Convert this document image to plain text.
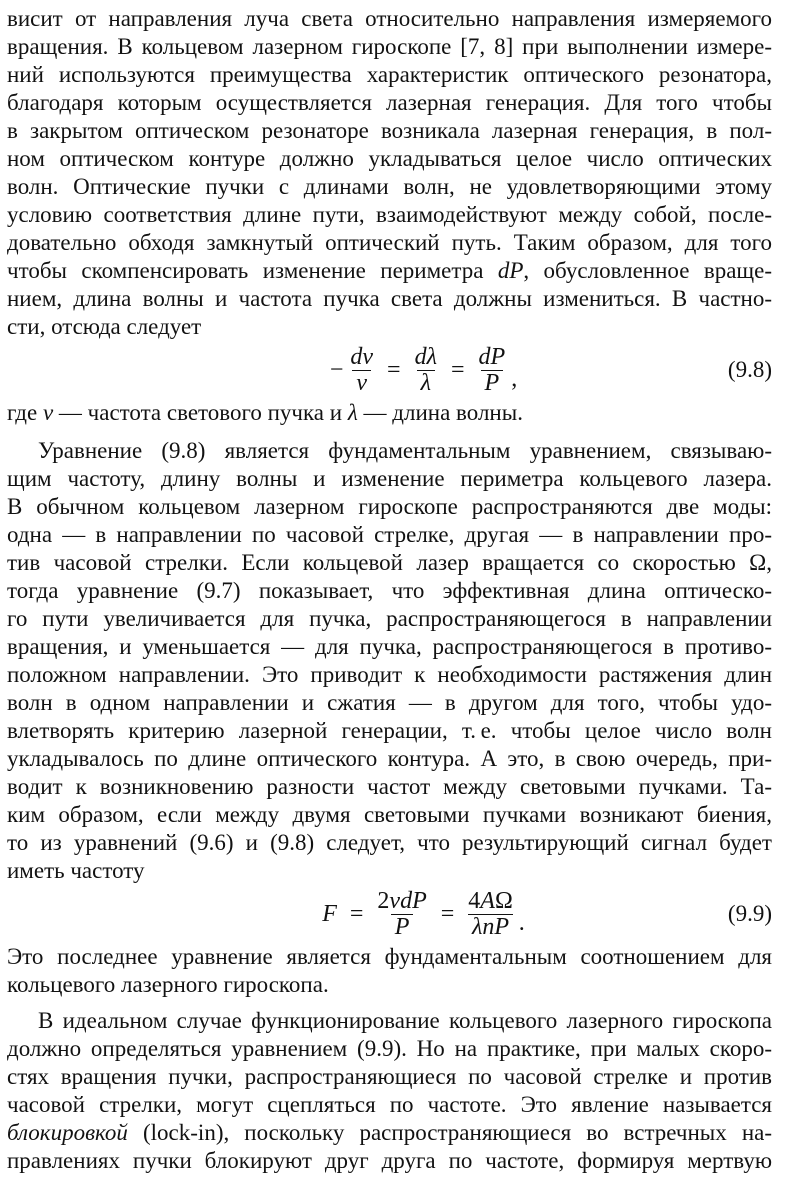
висит от направления луча света относительно направления измеряемого
вращения. В кольцевом лазерном гироскопе [7, 8] при выполнении измере-
ний используются преимущества характеристик оптического резонатора,
благодаря которым осуществляется лазерная генерация. Для того чтобы
в закрытом оптическом резонаторе возникала лазерная генерация, в пол-
ном оптическом контуре должно укладываться целое число оптических
волн. Оптические пучки с длинами волн, не удовлетворяющими этому
условию соответствия длине пути, взаимодействуют между собой, после-
довательно обходя замкнутый оптический путь. Таким образом, для того
чтобы скомпенсировать изменение периметра dP, обусловленное враще-
нием, длина волны и частота пучка света должны измениться. В частно-
сти, отсюда следует
− $\frac{d\nu}{\nu} = \frac{d\lambda}{\lambda} = \frac{dP}{P}$ ,	(9.8)
где ν — частота светового пучка и λ — длина волны.
Уравнение (9.8) является фундаментальным уравнением, связываю-
щим частоту, длину волны и изменение периметра кольцевого лазера.
В обычном кольцевом лазерном гироскопе распространяются две моды:
одна — в направлении по часовой стрелке, другая — в направлении про-
тив часовой стрелки. Если кольцевой лазер вращается со скоростью Ω,
тогда уравнение (9.7) показывает, что эффективная длина оптическо-
го пути увеличивается для пучка, распространяющегося в направлении
вращения, и уменьшается — для пучка, распространяющегося в противо-
положном направлении. Это приводит к необходимости растяжения длин
волн в одном направлении и сжатия — в другом для того, чтобы удо-
влетворять критерию лазерной генерации, т. е. чтобы целое число волн
укладывалось по длине оптического контура. А это, в свою очередь, при-
водит к возникновению разности частот между световыми пучками. Та-
ким образом, если между двумя световыми пучками возникают биения,
то из уравнений (9.6) и (9.8) следует, что результирующий сигнал будет
иметь частоту
$F = \frac{\text{2νdP}}{P} = \frac{4A\Omega}{\text{λnP}}$ .	(9.9)
Это последнее уравнение является фундаментальным соотношением для
кольцевого лазерного гироскопа.
В идеальном случае функционирование кольцевого лазерного гироскопа
должно определяться уравнением (9.9). Но на практике, при малых скоро-
стях вращения пучки, распространяющиеся по часовой стрелке и против
часовой стрелки, могут сцепляться по частоте. Это явление называется
блокировкой (lock-in), поскольку распространяющиеся во встречных на-
правлениях пучки блокируют друг друга по частоте, формируя мертвую
